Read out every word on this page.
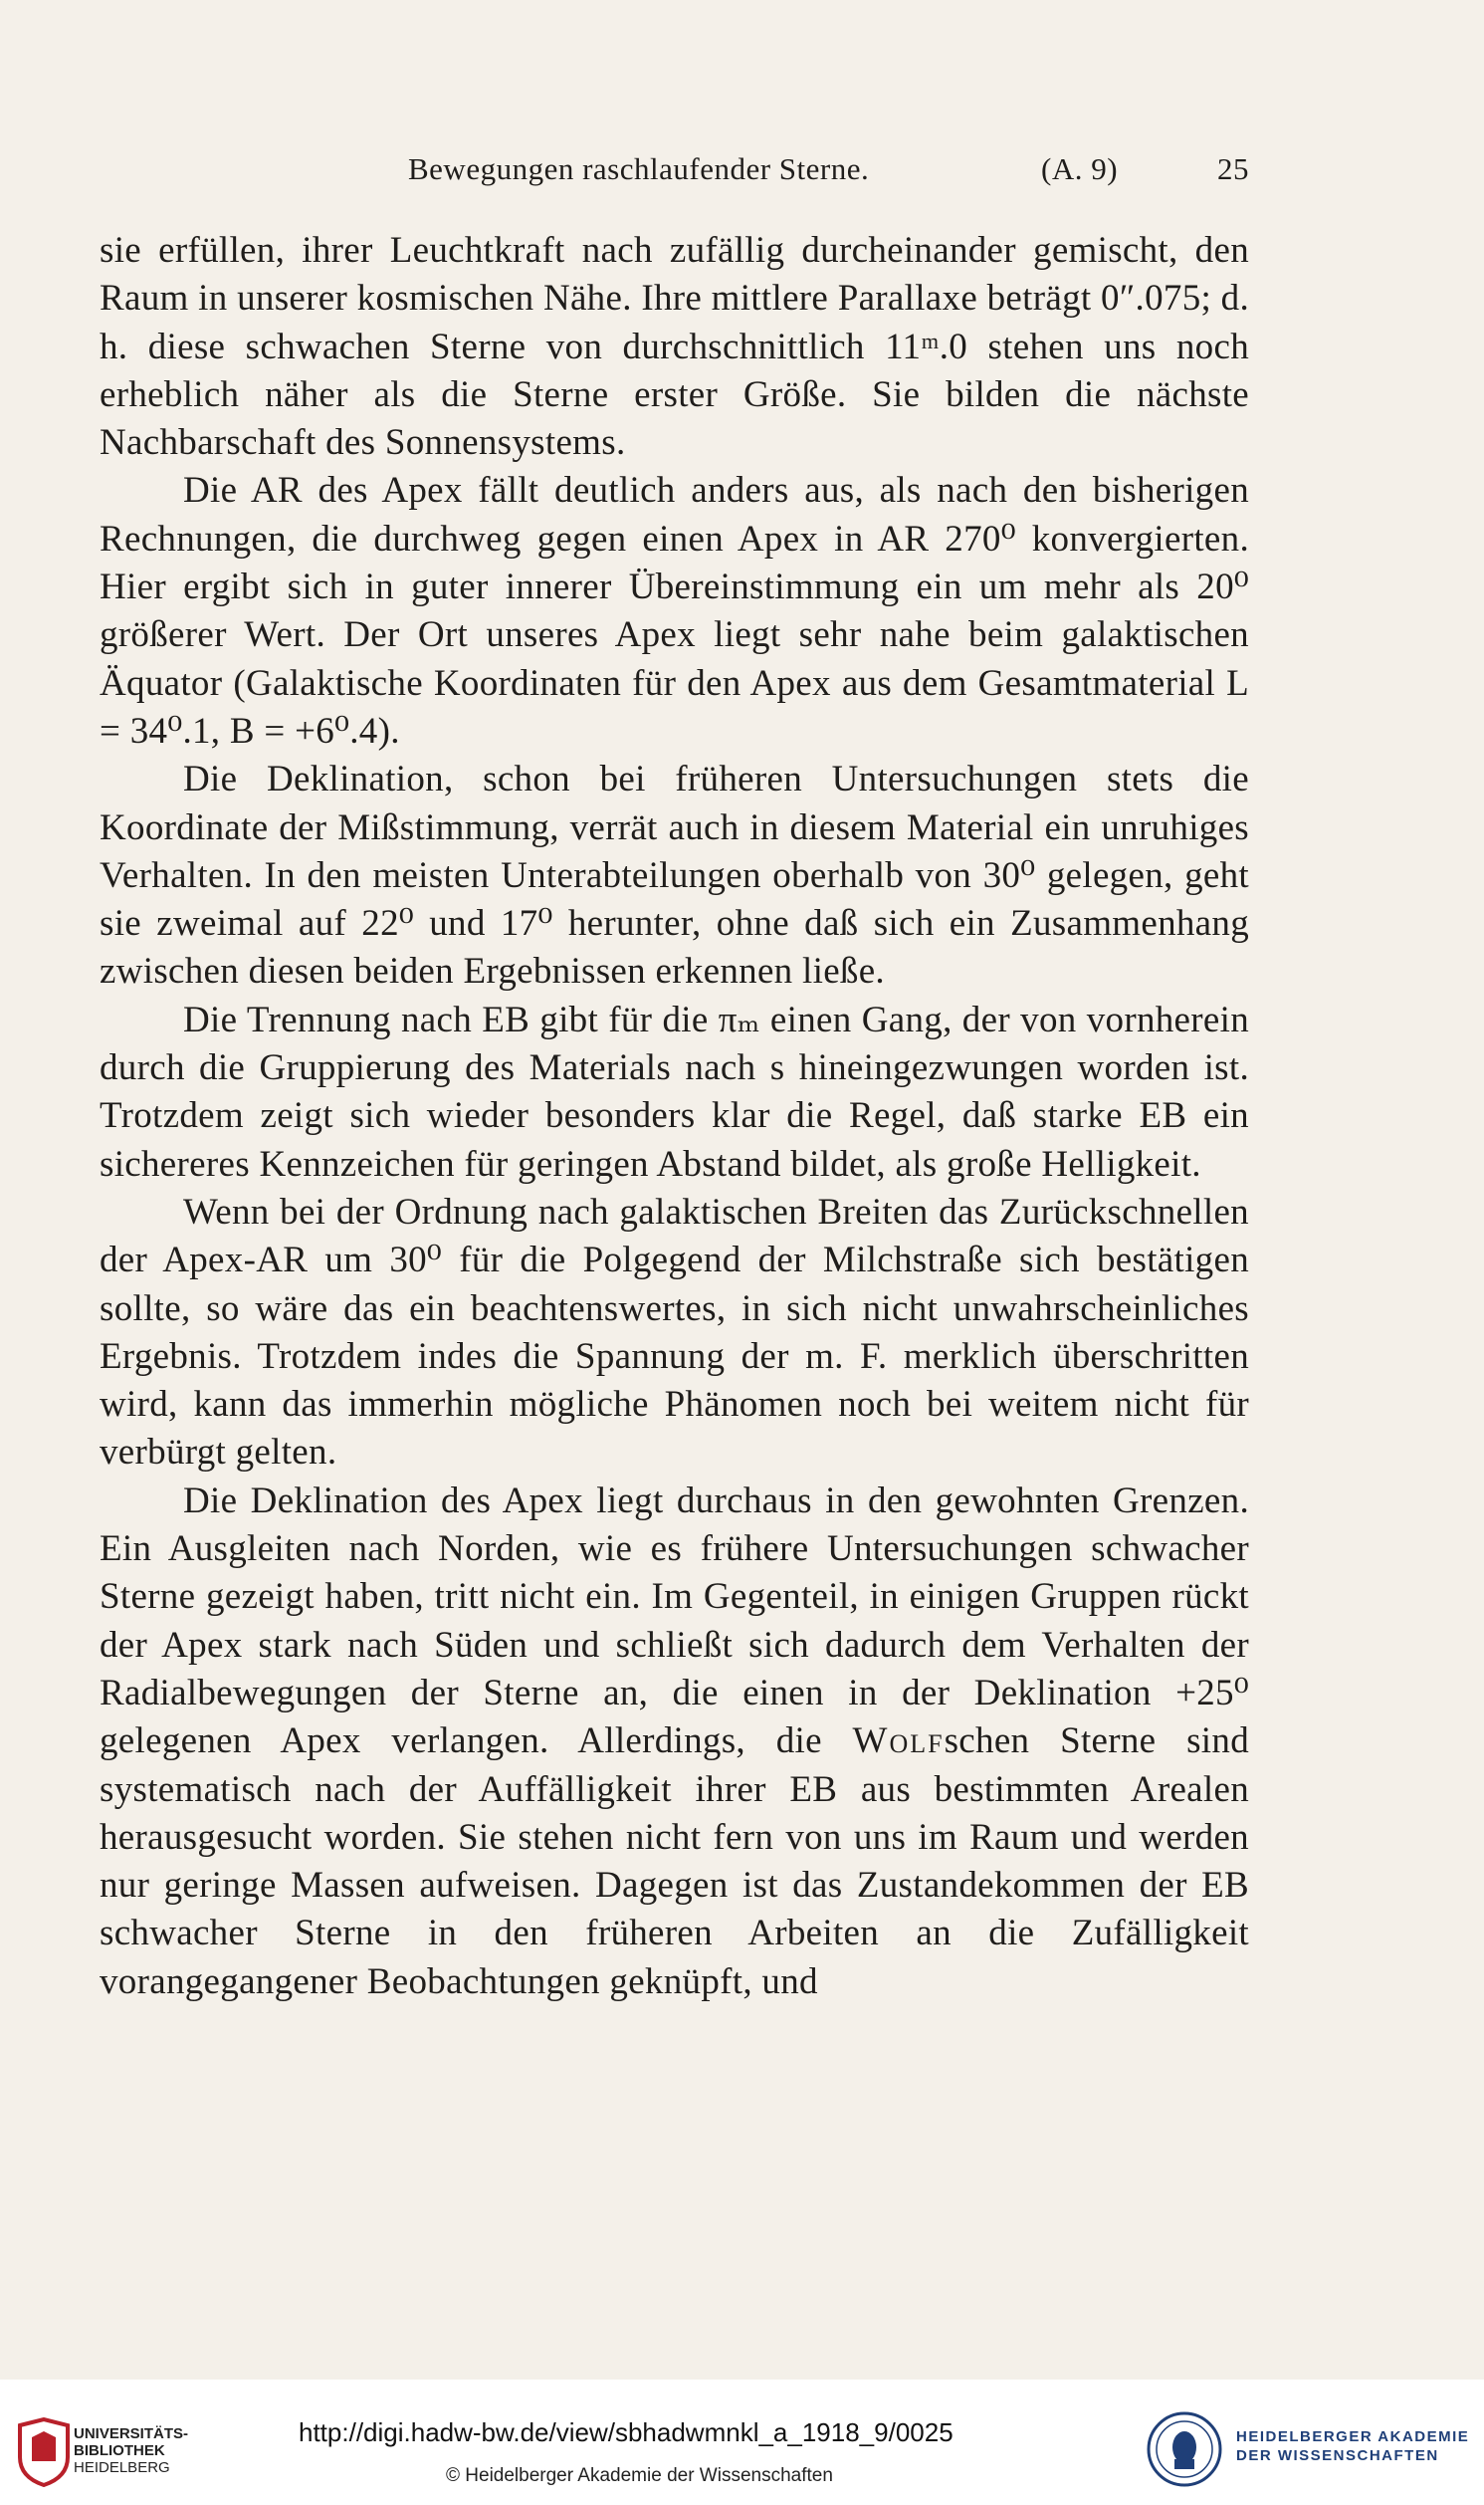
Bewegungen raschlaufender Sterne.	(A. 9)	25

sie erfüllen, ihrer Leuchtkraft nach zufällig durcheinander gemischt, den Raum in unserer kosmischen Nähe. Ihre mittlere Parallaxe beträgt 0″.075; d. h. diese schwachen Sterne von durchschnittlich 11ᵐ.0 stehen uns noch erheblich näher als die Sterne erster Größe. Sie bilden die nächste Nachbarschaft des Sonnensystems.

Die AR des Apex fällt deutlich anders aus, als nach den bisherigen Rechnungen, die durchweg gegen einen Apex in AR 270⁰ konvergierten. Hier ergibt sich in guter innerer Übereinstimmung ein um mehr als 20⁰ größerer Wert. Der Ort unseres Apex liegt sehr nahe beim galaktischen Äquator (Galaktische Koordinaten für den Apex aus dem Gesamtmaterial L = 34⁰.1, B = +6⁰.4).

Die Deklination, schon bei früheren Untersuchungen stets die Koordinate der Mißstimmung, verrät auch in diesem Material ein unruhiges Verhalten. In den meisten Unterabteilungen oberhalb von 30⁰ gelegen, geht sie zweimal auf 22⁰ und 17⁰ herunter, ohne daß sich ein Zusammenhang zwischen diesen beiden Ergebnissen erkennen ließe.

Die Trennung nach EB gibt für die πₘ einen Gang, der von vornherein durch die Gruppierung des Materials nach s hineingezwungen worden ist. Trotzdem zeigt sich wieder besonders klar die Regel, daß starke EB ein sichereres Kennzeichen für geringen Abstand bildet, als große Helligkeit.

Wenn bei der Ordnung nach galaktischen Breiten das Zurückschnellen der Apex-AR um 30⁰ für die Polgegend der Milchstraße sich bestätigen sollte, so wäre das ein beachtenswertes, in sich nicht unwahrscheinliches Ergebnis. Trotzdem indes die Spannung der m. F. merklich überschritten wird, kann das immerhin mögliche Phänomen noch bei weitem nicht für verbürgt gelten.

Die Deklination des Apex liegt durchaus in den gewohnten Grenzen. Ein Ausgleiten nach Norden, wie es frühere Untersuchungen schwacher Sterne gezeigt haben, tritt nicht ein. Im Gegenteil, in einigen Gruppen rückt der Apex stark nach Süden und schließt sich dadurch dem Verhalten der Radialbewegungen der Sterne an, die einen in der Deklination +25⁰ gelegenen Apex verlangen. Allerdings, die Wolfschen Sterne sind systematisch nach der Auffälligkeit ihrer EB aus bestimmten Arealen herausgesucht worden. Sie stehen nicht fern von uns im Raum und werden nur geringe Massen aufweisen. Dagegen ist das Zustandekommen der EB schwacher Sterne in den früheren Arbeiten an die Zufälligkeit vorangegangener Beobachtungen geknüpft, und

UNIVERSITÄTS-
BIBLIOTHEK
HEIDELBERG
http://digi.hadw-bw.de/view/sbhadwmnkl_a_1918_9/0025
© Heidelberger Akademie der Wissenschaften
HEIDELBERGER AKADEMIE
DER WISSENSCHAFTEN
